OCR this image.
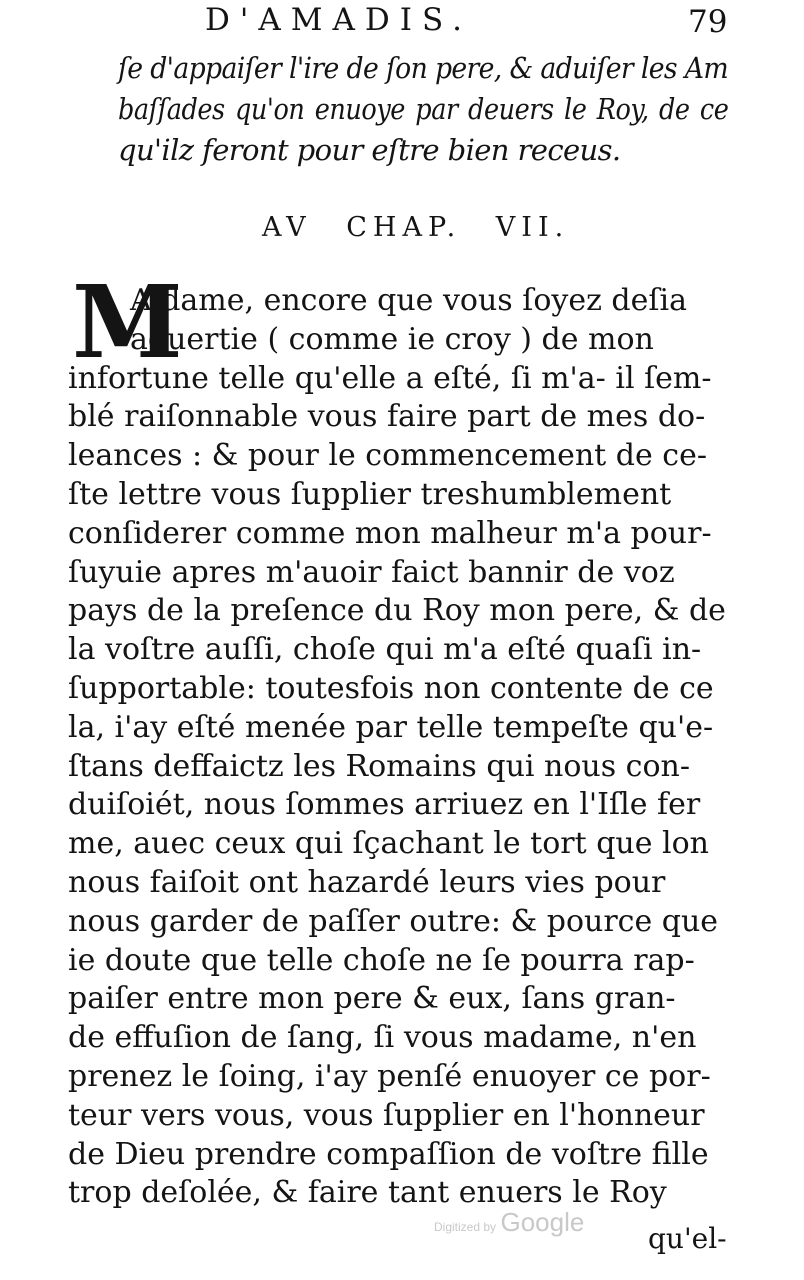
D'AMADIS.	79
ſe d'appaiſer l'ire de ſon pere, & aduiſer les Am
baſſades qu'on enuoye par deuers le Roy, de ce
qu'ilz feront pour eſtre bien receus.
AV CHAP. VII.
M
A dame, encore que vous ſoyez deſia
aduertie ( comme ie croy ) de mon
infortune telle qu'elle a eſté, ſi m'a- il ſem-
blé raiſonnable vous faire part de mes do-
leances : & pour le commencement de ce-
ſte lettre vous ſupplier treshumblement
conſiderer comme mon malheur m'a pour-
ſuyuie apres m'auoir faict bannir de voz
pays de la preſence du Roy mon pere, & de
la voſtre auſſi, choſe qui m'a eſté quaſi in-
ſupportable: toutesfois non contente de ce
la, i'ay eſté menée par telle tempeſte qu'e-
ſtans deffaictz les Romains qui nous con-
duiſoiét, nous ſommes arriuez en l'Iſle fer
me, auec ceux qui ſçachant le tort que lon
nous faiſoit ont hazardé leurs vies pour
nous garder de paſſer outre: & pource que
ie doute que telle choſe ne ſe pourra rap-
paiſer entre mon pere & eux, ſans gran-
de effuſion de ſang, ſi vous madame, n'en
prenez le ſoing, i'ay penſé enuoyer ce por-
teur vers vous, vous ſupplier en l'honneur
de Dieu prendre compaſſion de voſtre fille
trop deſolée, & faire tant enuers le Roy
Digitized by Google qu'el-
